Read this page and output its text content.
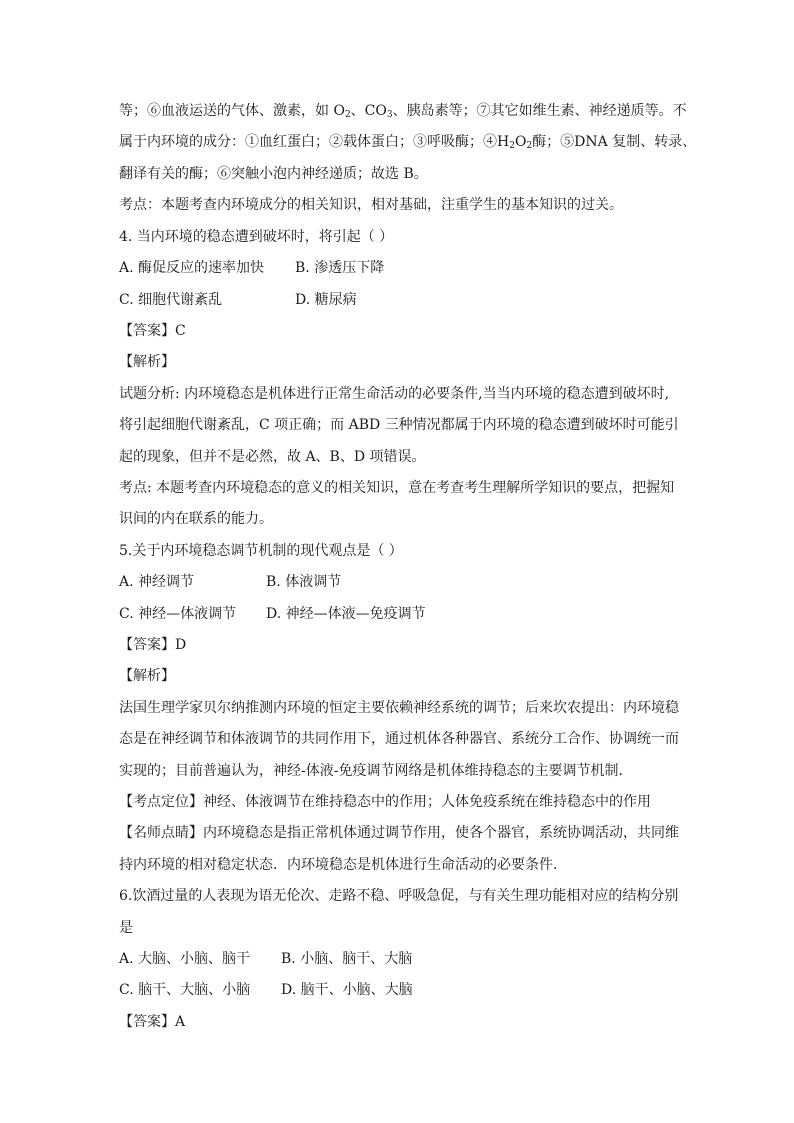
等；⑥血液运送的气体、激素，如 $O_2$、$CO_3$、胰岛素等；⑦其它如维生素、神经递质等。不
属于内环境的成分：①血红蛋白；②载体蛋白；③呼吸酶；$④H_2O_2$酶；⑤DNA 复制、转录、
翻译有关的酶；⑥突触小泡内神经递质；故选 B。
考点：本题考查内环境成分的相关知识，相对基础，注重学生的基本知识的过关。
4. 当内环境的稳态遭到破坏时，将引起（ ）
A. 酶促反应的速率加快 B. 渗透压下降
C. 细胞代谢紊乱	D. 糖尿病
【答案】C
【解析】
试题分析: 内环境稳态是机体进行正常生命活动的必要条件,当当内环境的稳态遭到破坏时,
将引起细胞代谢紊乱，C 项正确；而 ABD 三种情况都属于内环境的稳态遭到破坏时可能引
起的现象，但并不是必然，故 A、B、D 项错误。
考点: 本题考查内环境稳态的意义的相关知识，意在考查考生理解所学知识的要点，把握知
识间的内在联系的能力。
5.关于内环境稳态调节机制的现代观点是（ ）
A. 神经调节	B. 体液调节
C. 神经—体液调节 D. 神经—体液—免疫调节
【答案】D
【解析】
法国生理学家贝尔纳推测内环境的恒定主要依赖神经系统的调节；后来坎农提出：内环境稳
态是在神经调节和体液调节的共同作用下，通过机体各种器官、系统分工合作、协调统一而
实现的；目前普遍认为，神经-体液-免疫调节网络是机体维持稳态的主要调节机制．
【考点定位】神经、体液调节在维持稳态中的作用；人体免疫系统在维持稳态中的作用
【名师点睛】内环境稳态是指正常机体通过调节作用，使各个器官，系统协调活动，共同维
持内环境的相对稳定状态．内环境稳态是机体进行生命活动的必要条件．
6.饮酒过量的人表现为语无伦次、走路不稳、呼吸急促，与有关生理功能相对应的结构分别
是
A. 大脑、小脑、脑干 B. 小脑、脑干、大脑
C. 脑干、大脑、小脑 D. 脑干、小脑、大脑
【答案】A
